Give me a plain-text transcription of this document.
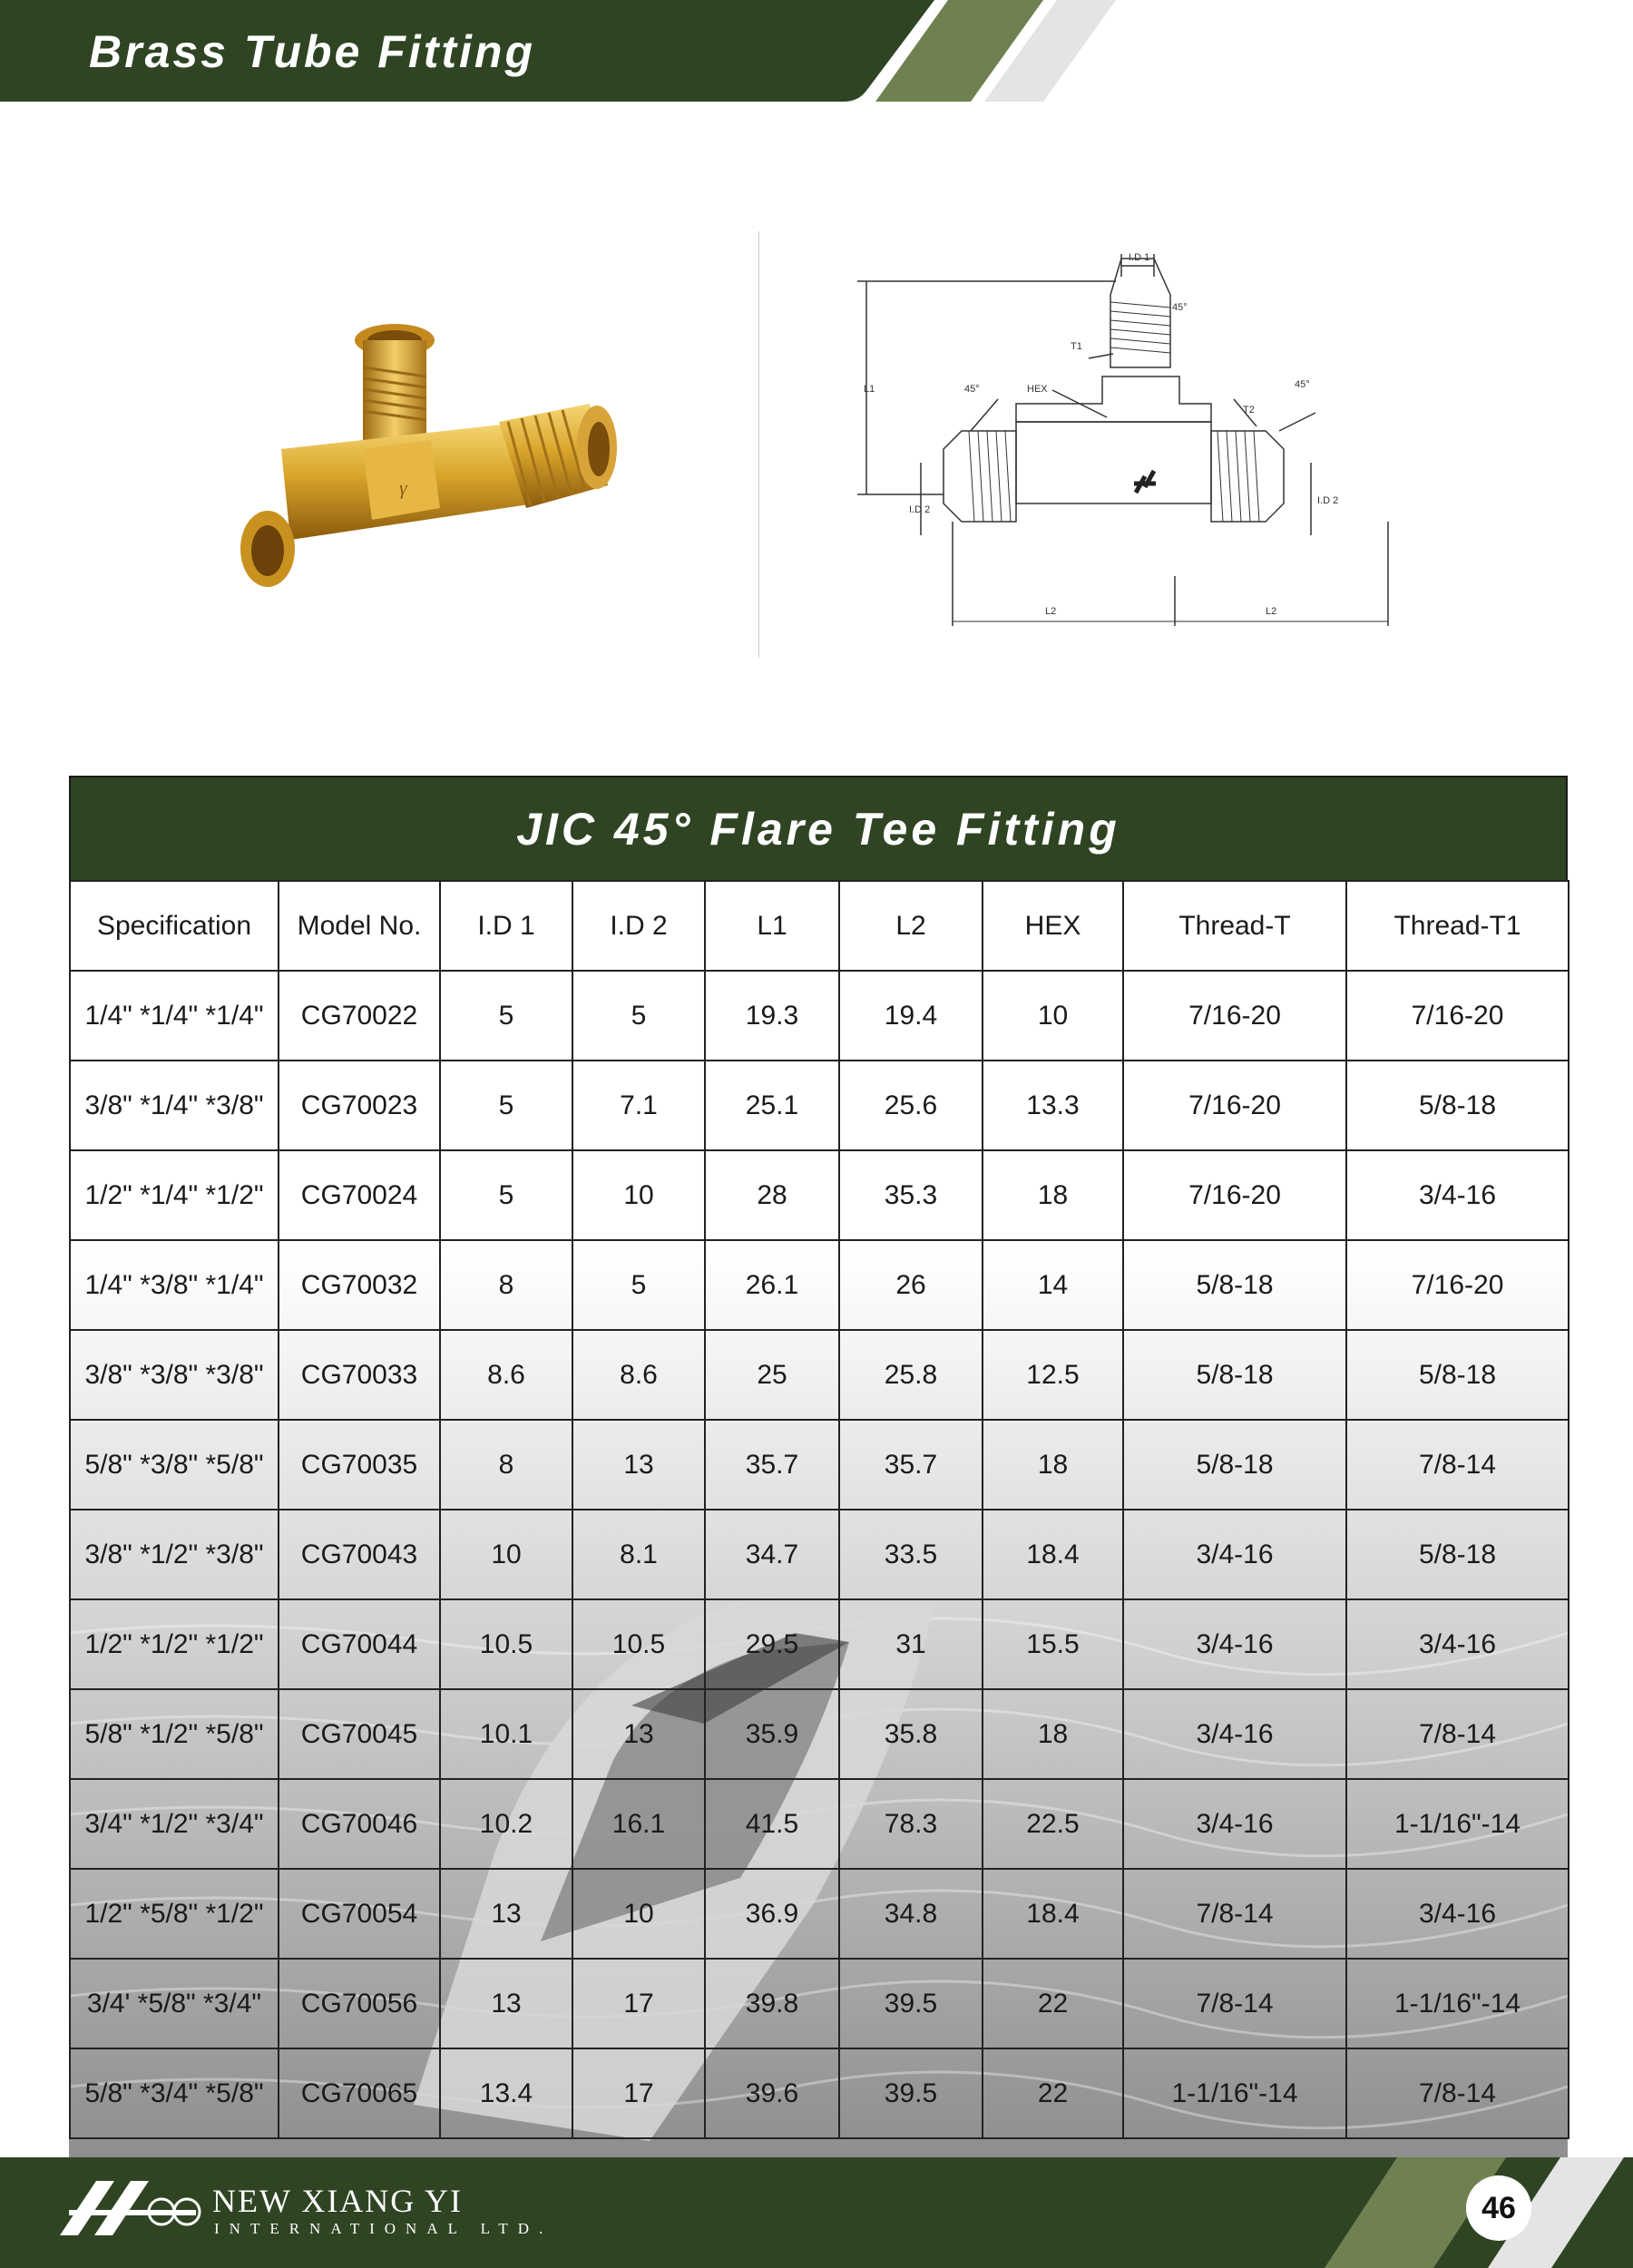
Brass Tube Fitting
γ
I.D 1
45°
T1
HEX
45°	45°
T2
L1
I.D 2
I.D 2
L2	L2
JIC 45° Flare Tee Fitting
Specification	Model No.	I.D 1	I.D 2	L1	L2	HEX	Thread-T	Thread-T1
1/4" *1/4" *1/4"	CG70022	5	5	19.3	19.4	10	7/16-20	7/16-20
3/8" *1/4" *3/8"	CG70023	5	7.1	25.1	25.6	13.3	7/16-20	5/8-18
1/2" *1/4" *1/2"	CG70024	5	10	28	35.3	18	7/16-20	3/4-16
1/4" *3/8" *1/4"	CG70032	8	5	26.1	26	14	5/8-18	7/16-20
3/8" *3/8" *3/8"	CG70033	8.6	8.6	25	25.8	12.5	5/8-18	5/8-18
5/8" *3/8" *5/8"	CG70035	8	13	35.7	35.7	18	5/8-18	7/8-14
3/8" *1/2" *3/8"	CG70043	10	8.1	34.7	33.5	18.4	3/4-16	5/8-18
1/2" *1/2" *1/2"	CG70044	10.5	10.5	29.5	31	15.5	3/4-16	3/4-16
5/8" *1/2" *5/8"	CG70045	10.1	13	35.9	35.8	18	3/4-16	7/8-14
3/4" *1/2" *3/4"	CG70046	10.2	16.1	41.5	78.3	22.5	3/4-16	1-1/16"-14
1/2" *5/8" *1/2"	CG70054	13	10	36.9	34.8	18.4	7/8-14	3/4-16
3/4' *5/8" *3/4"	CG70056	13	17	39.8	39.5	22	7/8-14	1-1/16"-14
5/8" *3/4" *5/8"	CG70065	13.4	17	39.6	39.5	22	1-1/16"-14	7/8-14
NEW XIANG YI
INTERNATIONAL LTD.
46
